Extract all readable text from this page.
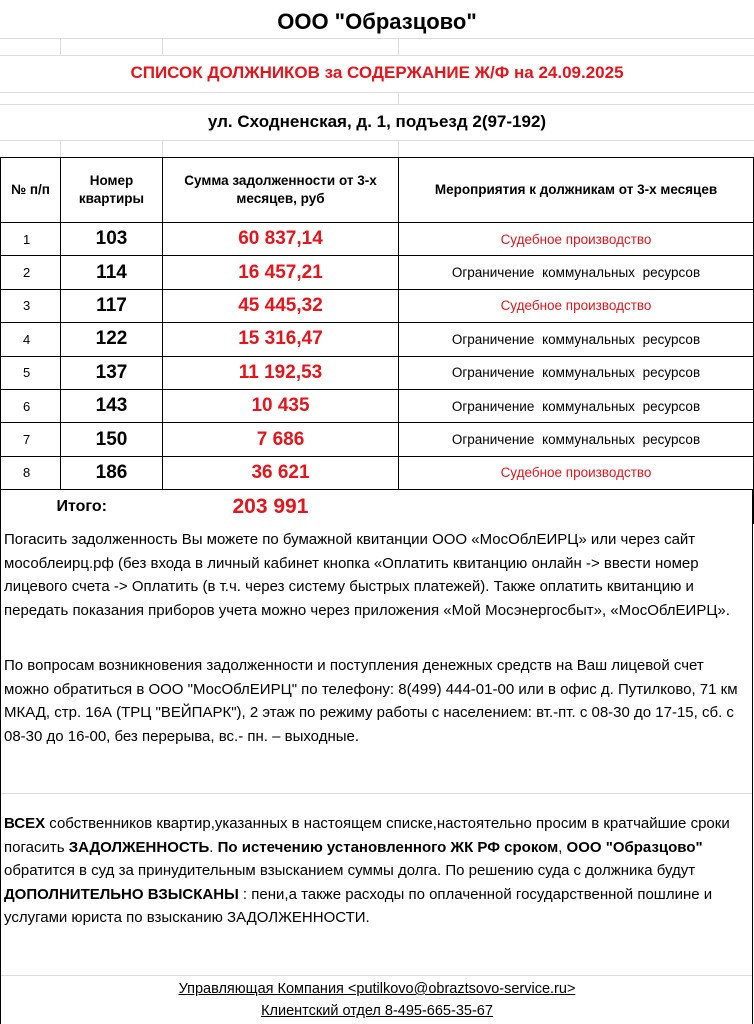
ООО "Образцово"
СПИСОК ДОЛЖНИКОВ за СОДЕРЖАНИЕ Ж/Ф на 24.09.2025
ул. Сходненская, д. 1, подъезд 2(97-192)
№ п/п	Номер квартиры	Сумма задолженности от 3-х месяцев, руб	Мероприятия к должникам от 3-х месяцев
1	103	60 837,14	Судебное производство
2	114	16 457,21	Ограничение коммунальных ресурсов
3	117	45 445,32	Судебное производство
4	122	15 316,47	Ограничение коммунальных ресурсов
5	137	11 192,53	Ограничение коммунальных ресурсов
6	143	10 435	Ограничение коммунальных ресурсов
7	150	7 686	Ограничение коммунальных ресурсов
8	186	36 621	Судебное производство
Итого:		203 991	
Погасить задолженность Вы можете по бумажной квитанции ООО «МосОблЕИРЦ» или через сайт мособлеирц.рф (без входа в личный кабинет кнопка «Оплатить квитанцию онлайн -> ввести номер лицевого счета -> Оплатить (в т.ч. через систему быстрых платежей). Также оплатить квитанцию и передать показания приборов учета можно через приложения «Мой Мосэнергосбыт», «МосОблЕИРЦ».
По вопросам возникновения задолженности и поступления денежных средств на Ваш лицевой счет можно обратиться в ООО "МосОблЕИРЦ" по телефону: 8(499) 444-01-00 или в офис д. Путилково, 71 км МКАД, стр. 16А (ТРЦ "ВЕЙПАРК"), 2 этаж по режиму работы с населением: вт.-пт. с 08-30 до 17-15, сб. с 08-30 до 16-00, без перерыва, вс.- пн. – выходные.
ВСЕХ собственников квартир,указанных в настоящем списке,настоятельно просим в кратчайшие сроки погасить ЗАДОЛЖЕННОСТЬ. По истечению установленного ЖК РФ сроком, ООО "Образцово" обратится в суд за принудительным взысканием суммы долга. По решению суда с должника будут ДОПОЛНИТЕЛЬНО ВЗЫСКАНЫ : пени,а также расходы по оплаченной государственной пошлине и услугами юриста по взысканию ЗАДОЛЖЕННОСТИ.
Управляющая Компания <putilkovo@obraztsovo-service.ru>
Клиентский отдел 8-495-665-35-67
